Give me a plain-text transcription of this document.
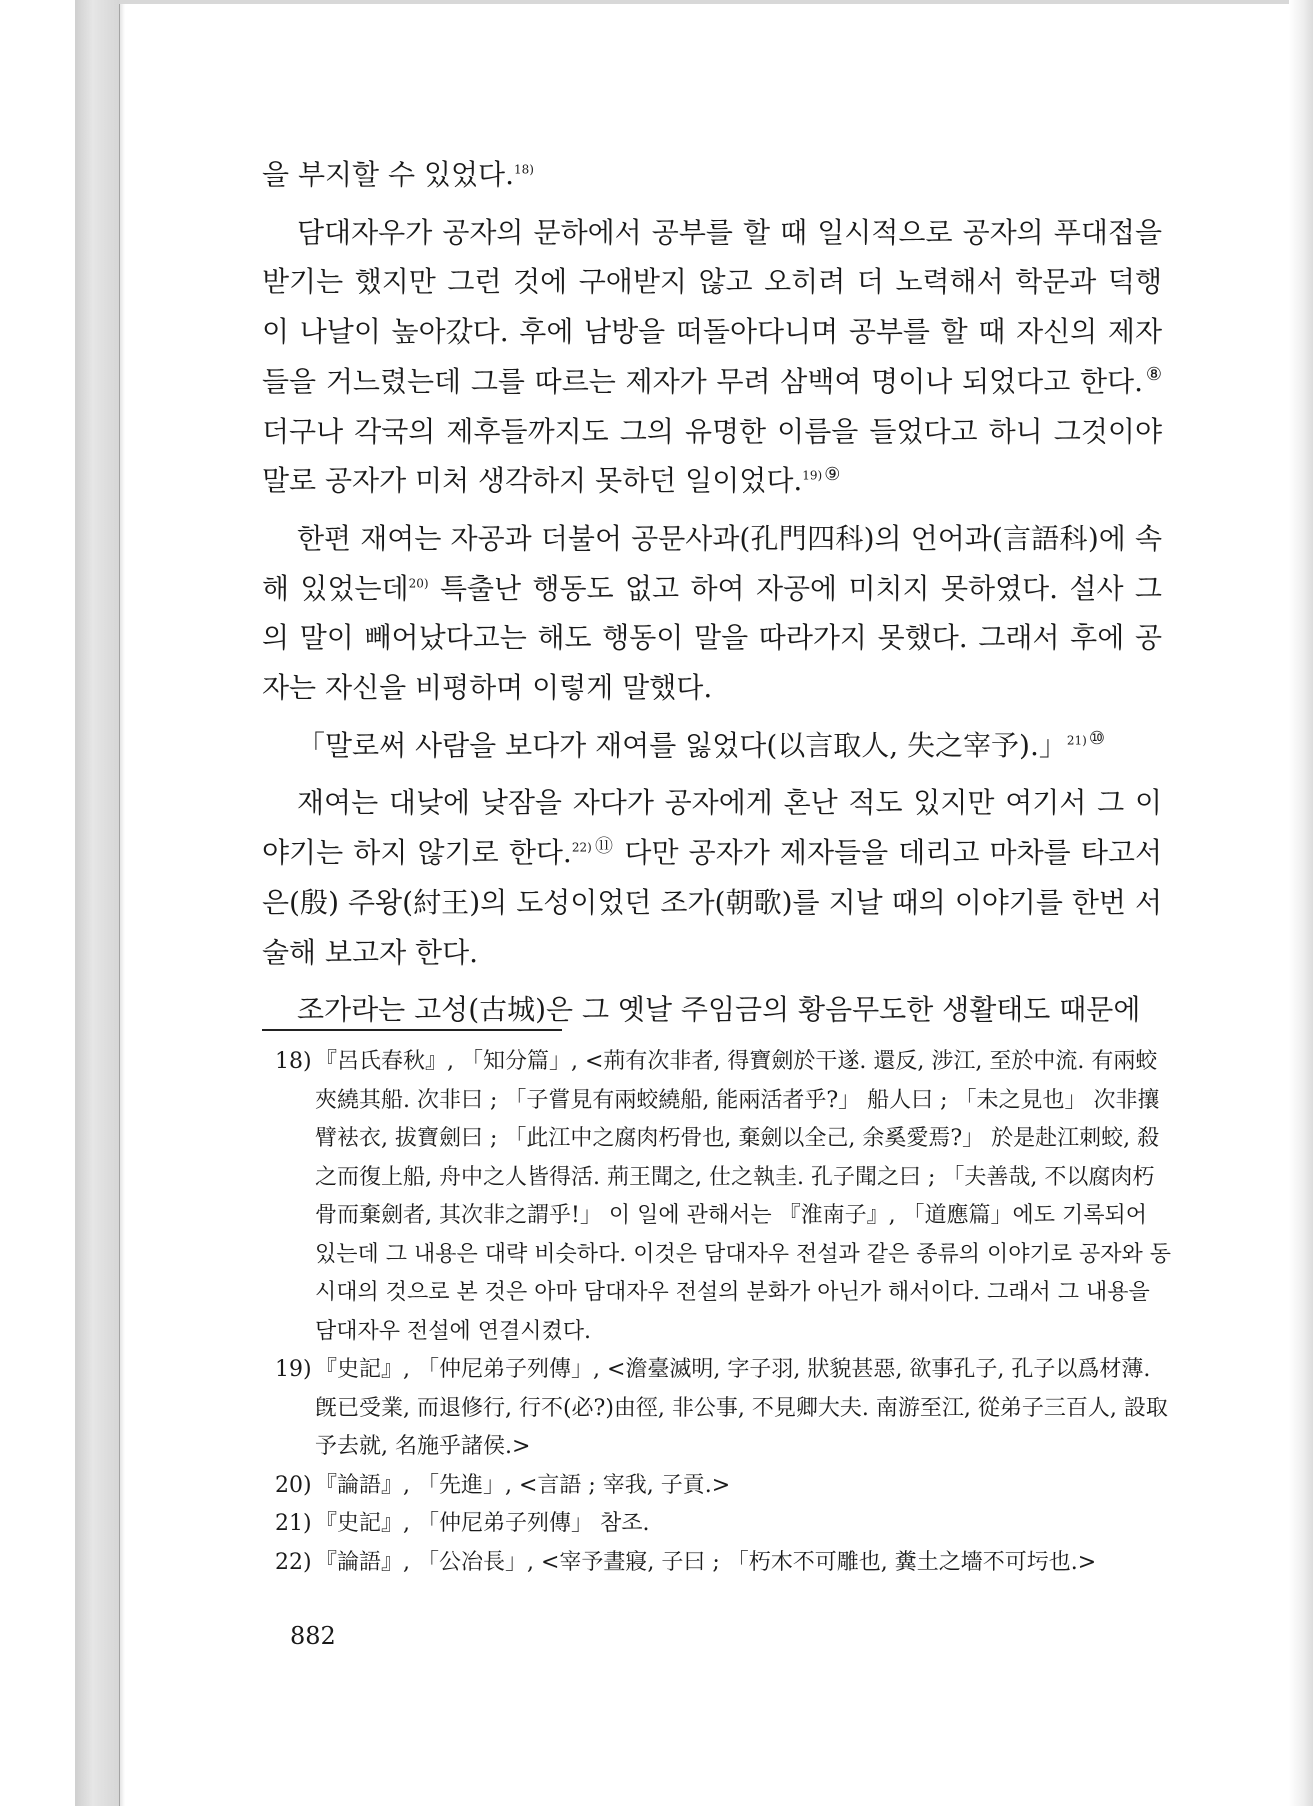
을 부지할 수 있었다.$^{18)}$

담대자우가 공자의 문하에서 공부를 할 때 일시적으로 공자의 푸대접을 받기는 했지만 그런 것에 구애받지 않고 오히려 더 노력해서 학문과 덕행이 나날이 높아갔다. 후에 남방을 떠돌아다니며 공부를 할 때 자신의 제자들을 거느렸는데 그를 따르는 제자가 무려 삼백여 명이나 되었다고 한다. ⑧ 더구나 각국의 제후들까지도 그의 유명한 이름을 들었다고 하니 그것이야말로 공자가 미처 생각하지 못하던 일이었다.$^{19)}$ ⑨

한편 재여는 자공과 더불어 공문사과(孔門四科)의 언어과(言語科)에 속해 있었는데$^{20)}$ 특출난 행동도 없고 하여 자공에 미치지 못하였다. 설사 그의 말이 빼어났다고는 해도 행동이 말을 따라가지 못했다. 그래서 후에 공자는 자신을 비평하며 이렇게 말했다.

「말로써 사람을 보다가 재여를 잃었다(以言取人, 失之宰予).」$^{21)}$ ⑩

재여는 대낮에 낮잠을 자다가 공자에게 혼난 적도 있지만 여기서 그 이야기는 하지 않기로 한다.$^{22)}$ ⑪ 다만 공자가 제자들을 데리고 마차를 타고서 은(殷) 주왕(紂王)의 도성이었던 조가(朝歌)를 지날 때의 이야기를 한번 서술해 보고자 한다.

조가라는 고성(古城)은 그 옛날 주임금의 황음무도한 생활태도 때문에

18) 『呂氏春秋』, 「知分篇」, <荊有次非者, 得寶劍於干遂. 還反, 涉江, 至於中流. 有兩蛟夾繞其船. 次非曰 ; 「子嘗見有兩蛟繞船, 能兩活者乎?」 船人曰 ; 「未之見也」 次非攘臂袪衣, 拔寶劍曰 ; 「此江中之腐肉朽骨也, 棄劍以全己, 余奚愛焉?」 於是赴江刺蛟, 殺之而復上船, 舟中之人皆得活. 荊王聞之, 仕之執圭. 孔子聞之曰 ; 「夫善哉, 不以腐肉朽骨而棄劍者, 其次非之謂乎!」 이 일에 관해서는 『淮南子』, 「道應篇」에도 기록되어 있는데 그 내용은 대략 비슷하다. 이것은 담대자우 전설과 같은 종류의 이야기로 공자와 동시대의 것으로 본 것은 아마 담대자우 전설의 분화가 아닌가 해서이다. 그래서 그 내용을 담대자우 전설에 연결시켰다.
19) 『史記』, 「仲尼弟子列傳」, <澹臺滅明, 字子羽, 狀貌甚惡, 欲事孔子, 孔子以爲材薄. 旣已受業, 而退修行, 行不(必?)由徑, 非公事, 不見卿大夫. 南游至江, 從弟子三百人, 設取予去就, 名施乎諸侯.>
20) 『論語』, 「先進」, <言語 ; 宰我, 子貢.>
21) 『史記』, 「仲尼弟子列傳」 참조.
22) 『論語』, 「公冶長」, <宰予晝寢, 子曰 ; 「朽木不可雕也, 糞土之墻不可圬也.>
882
